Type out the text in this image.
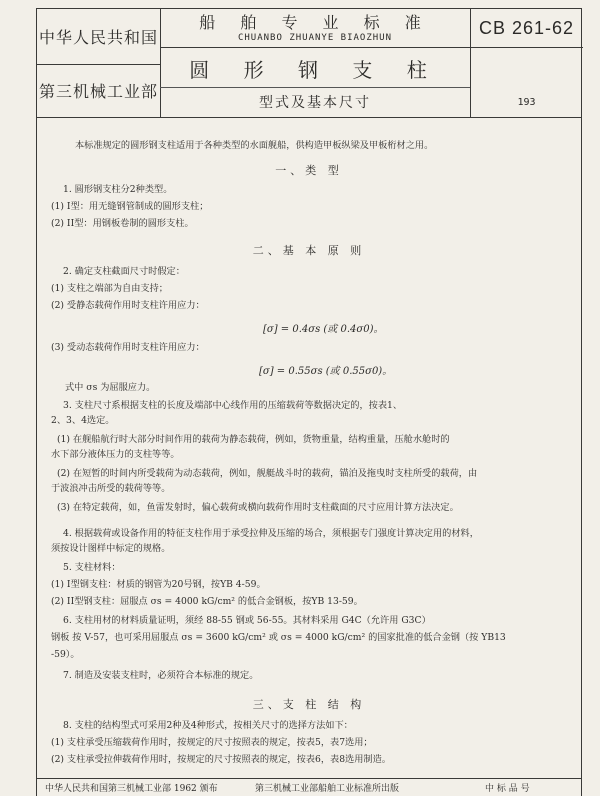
中华人民共和国
第三机械工业部
船 舶 专 业 标 准
CHUANBO ZHUANYE BIAOZHUN
圆 形 钢 支 柱
型式及基本尺寸
CB 261-62
193
本标准规定的圆形钢支柱适用于各种类型的水面舰船，供构造甲板纵梁及甲板桁材之用。
一、类 型
1. 圆形钢支柱分2种类型。
(1) I型：用无缝钢管制成的圆形支柱；
(2) II型：用钢板卷制的圆形支柱。
二、基 本 原 则
2. 确定支柱截面尺寸时假定：
(1) 支柱之端部为自由支持；
(2) 受静态载荷作用时支柱许用应力：
[σ] = 0.4σs (或 0.4σ0)。
(3) 受动态载荷作用时支柱许用应力：
[σ] = 0.55σs (或 0.55σ0)。
式中 σs 为屈服应力。
3. 支柱尺寸系根据支柱的长度及端部中心线作用的压缩载荷等数据决定的，按表1、
2、3、4选定。
(1) 在舰船航行时大部分时间作用的载荷为静态载荷，例如，货物重量，结构重量，压舱水舱时的
水下部分液体压力的支柱等等。
(2) 在短暂的时间内所受载荷为动态载荷，例如，舰艇战斗时的载荷，锚泊及拖曳时支柱所受的载荷，由
于波浪冲击所受的载荷等等。
(3) 在特定载荷，如，鱼雷发射时，偏心载荷或横向载荷作用时支柱截面的尺寸应用计算方法决定。
4. 根据载荷或设备作用的特征支柱作用于承受拉伸及压缩的场合，须根据专门强度计算决定用的材料，
须按设计图样中标定的规格。
5. 支柱材料：
(1) I型钢支柱：材质的钢管为20号钢，按YB 4-59。
(2) II型钢支柱：屈服点 σs = 4000 kG/cm² 的低合金钢板，按YB 13-59。
6. 支柱用材的材料质量证明，须经 88-55 钢或 56-55。其材料采用 G4C（允许用 G3C）
钢板 按 V-57，也可采用屈服点 σs = 3600 kG/cm² 或 σs = 4000 kG/cm² 的国家批准的低合金钢（按 YB13
-59）。
7. 制造及安装支柱时，必须符合本标准的规定。
三、支 柱 结 构
8. 支柱的结构型式可采用2种及4种形式，按相关尺寸的选择方法如下：
(1) 支柱承受压缩载荷作用时，按规定的尺寸按照表的规定，按表5，表7选用；
(2) 支柱承受拉伸载荷作用时，按规定的尺寸按照表的规定，按表6，表8选用制造。
中华人民共和国第三机械工业部 1962 颁布	第三机械工业部船舶工业标准所出版	中 标 品 号
